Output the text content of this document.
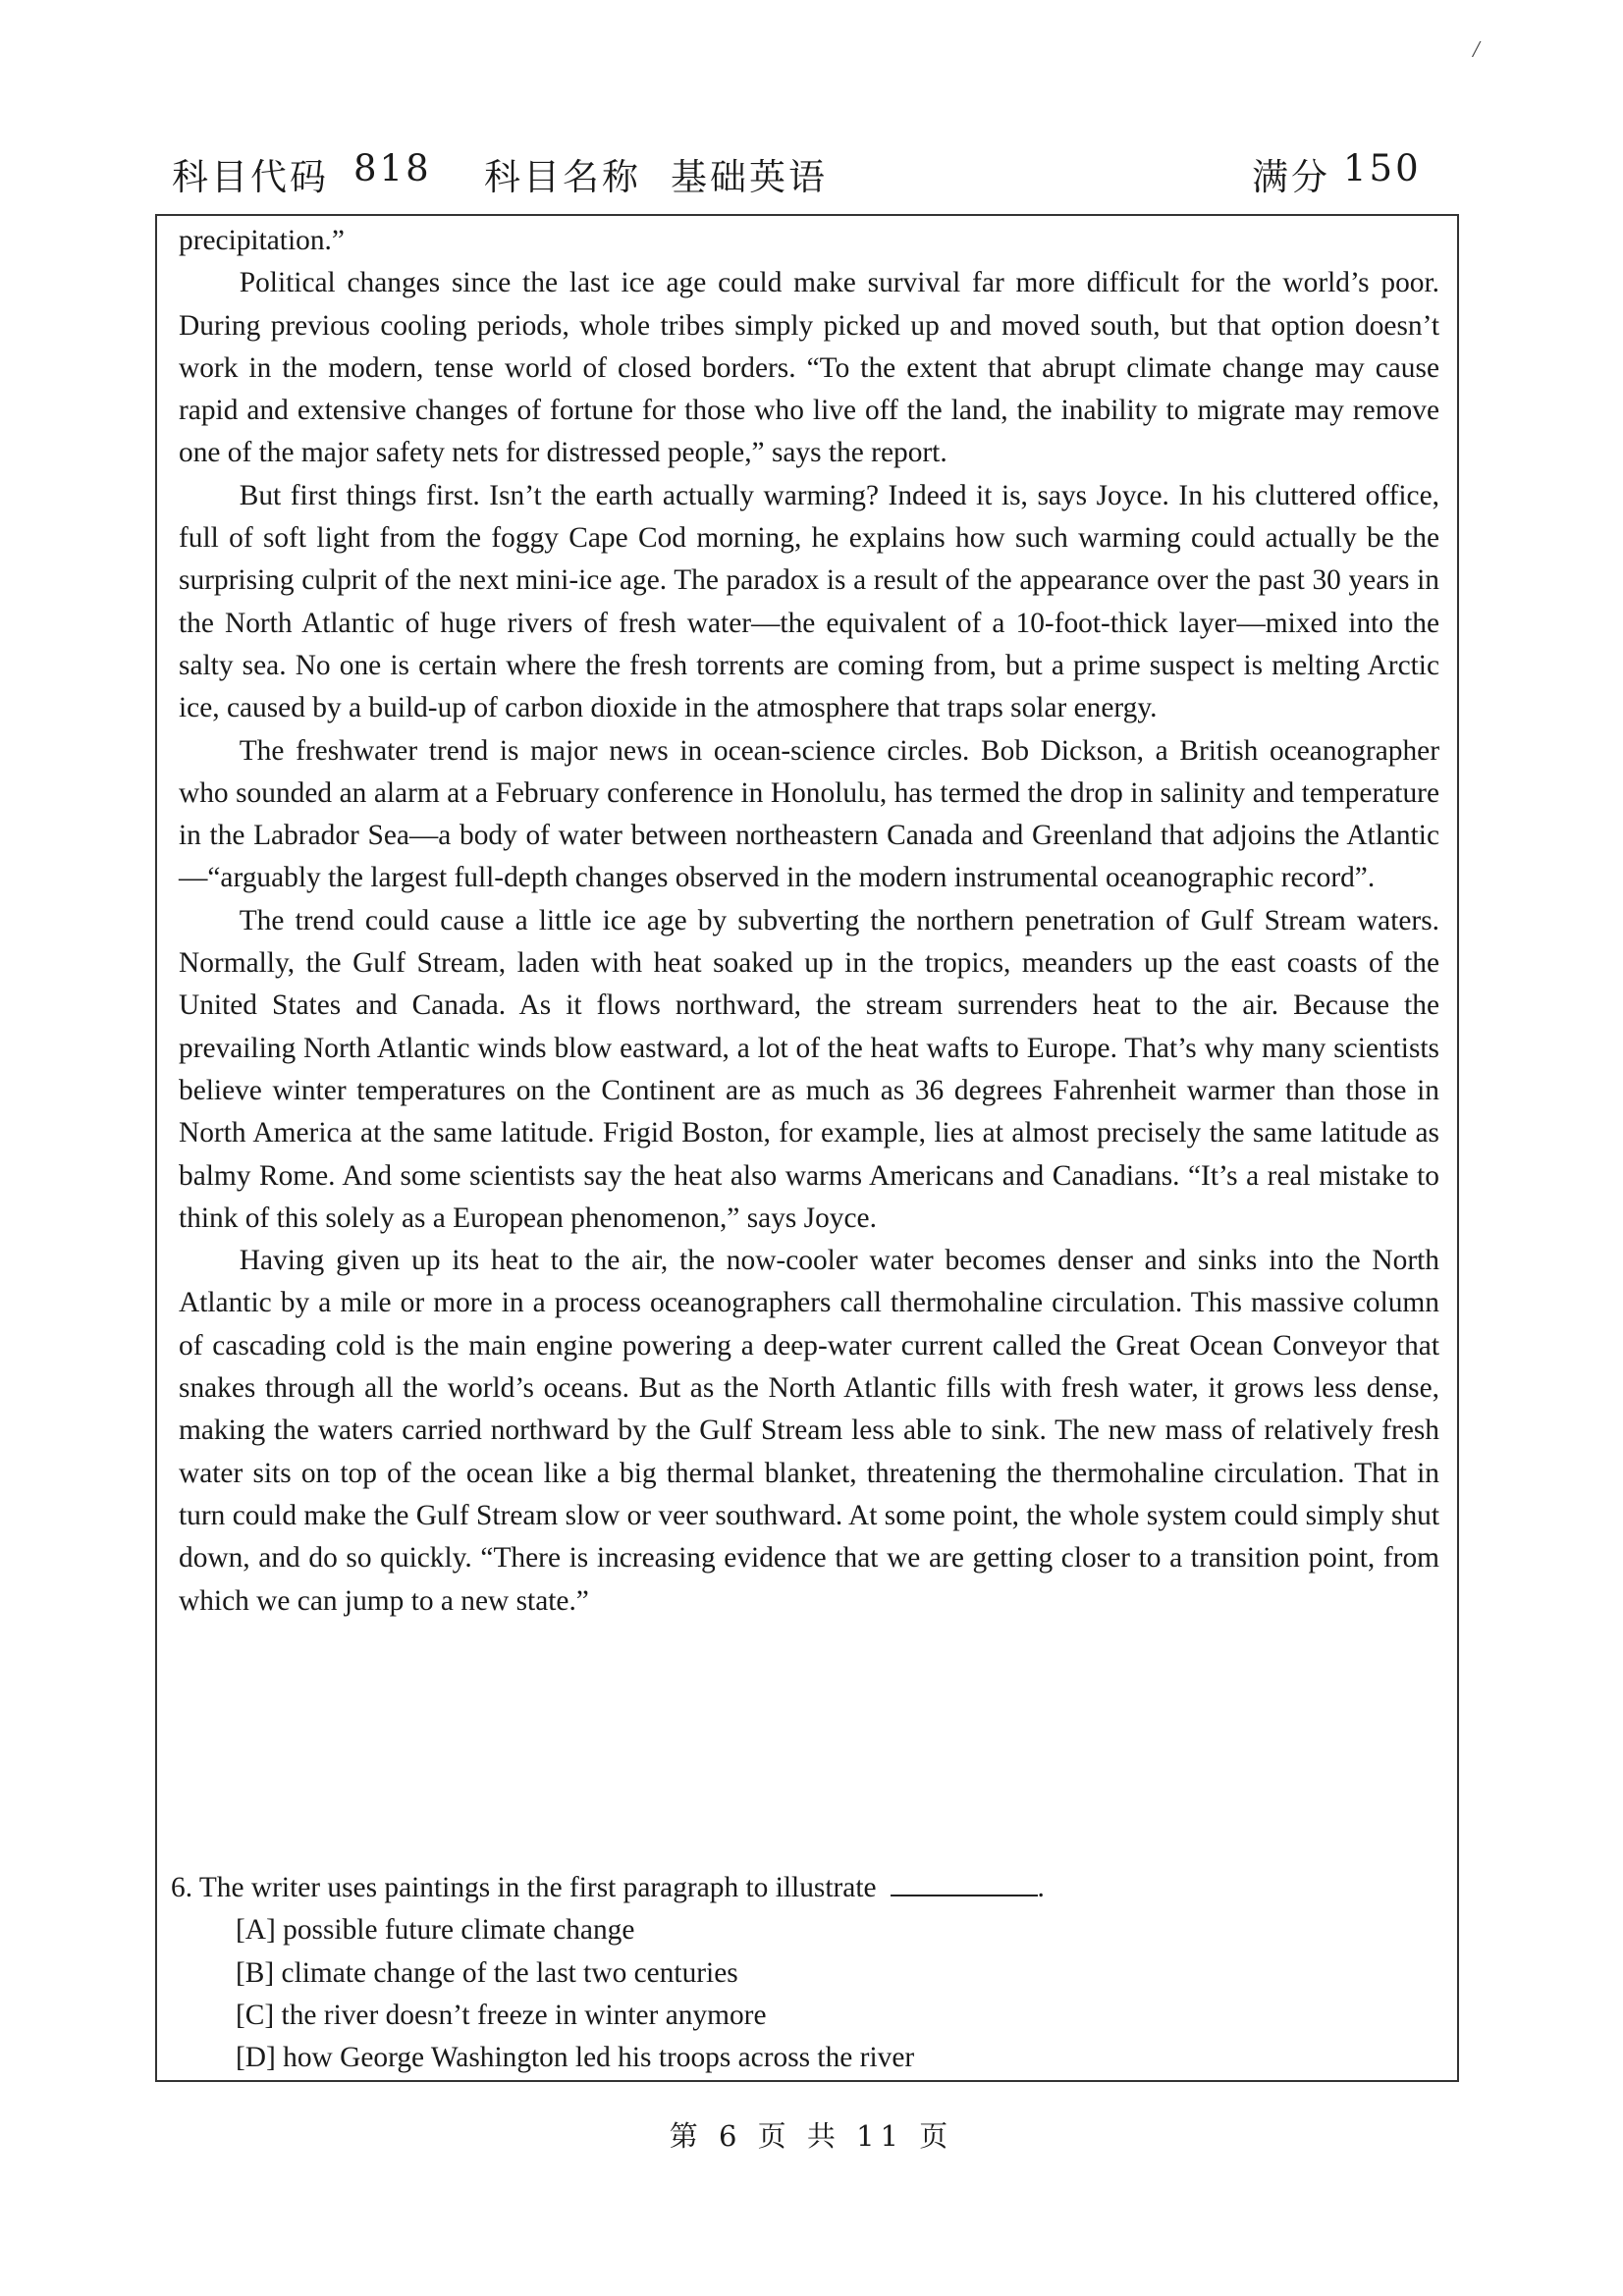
/
科目代码 818 科目名称 基础英语	满分 150

precipitation.”

Political changes since the last ice age could make survival far more difficult for the world’s poor. During previous cooling periods, whole tribes simply picked up and moved south, but that option doesn’t work in the modern, tense world of closed borders. “To the extent that abrupt climate change may cause rapid and extensive changes of fortune for those who live off the land, the inability to migrate may remove one of the major safety nets for distressed people,” says the report.

But first things first. Isn’t the earth actually warming? Indeed it is, says Joyce. In his cluttered office, full of soft light from the foggy Cape Cod morning, he explains how such warming could actually be the surprising culprit of the next mini-ice age. The paradox is a result of the appearance over the past 30 years in the North Atlantic of huge rivers of fresh water—the equivalent of a 10-foot-thick layer—mixed into the salty sea. No one is certain where the fresh torrents are coming from, but a prime suspect is melting Arctic ice, caused by a build-up of carbon dioxide in the atmosphere that traps solar energy.

The freshwater trend is major news in ocean-science circles. Bob Dickson, a British oceanographer who sounded an alarm at a February conference in Honolulu, has termed the drop in salinity and temperature in the Labrador Sea—a body of water between northeastern Canada and Greenland that adjoins the Atlantic—“arguably the largest full-depth changes observed in the modern instrumental oceanographic record”.

The trend could cause a little ice age by subverting the northern penetration of Gulf Stream waters. Normally, the Gulf Stream, laden with heat soaked up in the tropics, meanders up the east coasts of the United States and Canada. As it flows northward, the stream surrenders heat to the air. Because the prevailing North Atlantic winds blow eastward, a lot of the heat wafts to Europe. That’s why many scientists believe winter temperatures on the Continent are as much as 36 degrees Fahrenheit warmer than those in North America at the same latitude. Frigid Boston, for example, lies at almost precisely the same latitude as balmy Rome. And some scientists say the heat also warms Americans and Canadians. “It’s a real mistake to think of this solely as a European phenomenon,” says Joyce.

Having given up its heat to the air, the now-cooler water becomes denser and sinks into the North Atlantic by a mile or more in a process oceanographers call thermohaline circulation. This massive column of cascading cold is the main engine powering a deep-water current called the Great Ocean Conveyor that snakes through all the world’s oceans. But as the North Atlantic fills with fresh water, it grows less dense, making the waters carried northward by the Gulf Stream less able to sink. The new mass of relatively fresh water sits on top of the ocean like a big thermal blanket, threatening the thermohaline circulation. That in turn could make the Gulf Stream slow or veer southward. At some point, the whole system could simply shut down, and do so quickly. “There is increasing evidence that we are getting closer to a transition point, from which we can jump to a new state.”

6. The writer uses paintings in the first paragraph to illustrate	.
[A] possible future climate change
[B] climate change of the last two centuries
[C] the river doesn’t freeze in winter anymore
[D] how George Washington led his troops across the river
第 6 页 共 11 页
